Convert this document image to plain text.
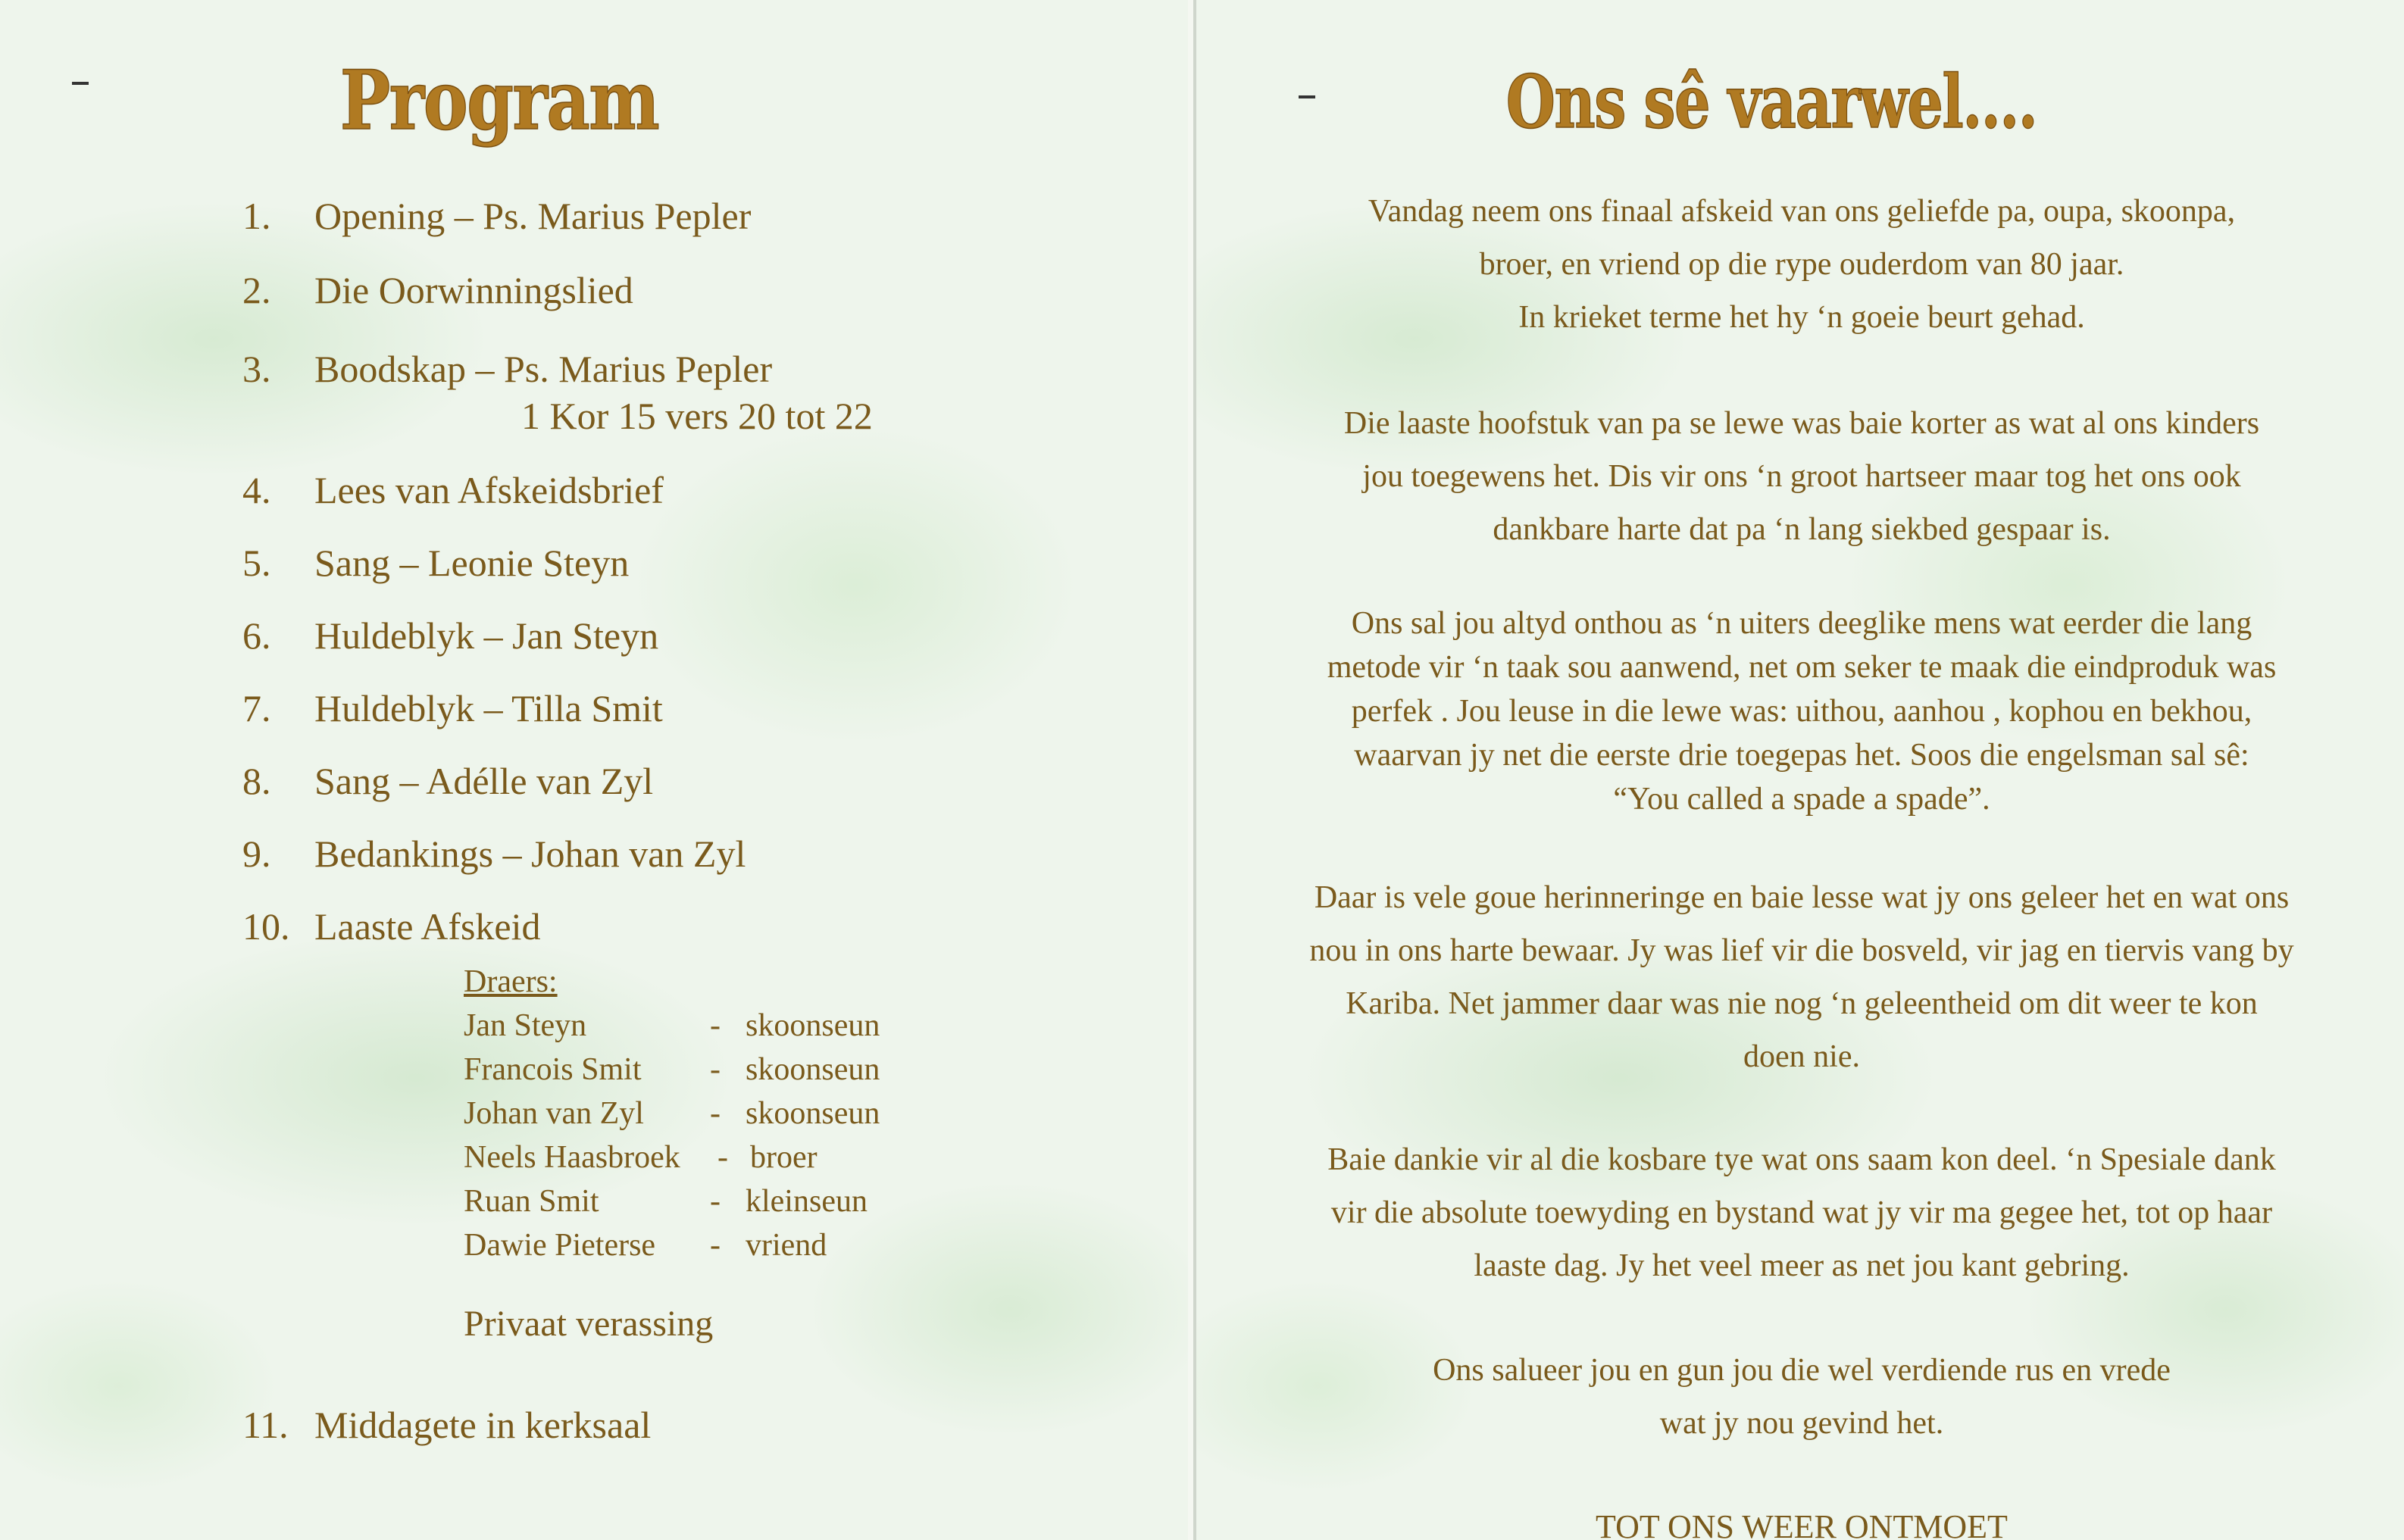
Program
1.	Opening – Ps. Marius Pepler
2.	Die Oorwinningslied
3.	Boodskap – Ps. Marius Pepler
1 Kor 15 vers 20 tot 22
4.	Lees van Afskeidsbrief
5.	Sang – Leonie Steyn
6.	Huldeblyk – Jan Steyn
7.	Huldeblyk – Tilla Smit
8.	Sang – Adélle van Zyl
9.	Bedankings – Johan van Zyl
10. Laaste Afskeid
Draers:
Jan Steyn	- skoonseun
Francois Smit - skoonseun
Johan van Zyl - skoonseun
Neels Haasbroek - broer
Ruan Smit	- kleinseun
Dawie Pieterse - vriend
Privaat verassing
11. Middagete in kerksaal
Ons sê vaarwel....
Vandag neem ons finaal afskeid van ons geliefde pa, oupa, skoonpa,
broer, en vriend op die rype ouderdom van 80 jaar.
In krieket terme het hy ‘n goeie beurt gehad.
Die laaste hoofstuk van pa se lewe was baie korter as wat al ons kinders
jou toegewens het. Dis vir ons ‘n groot hartseer maar tog het ons ook
dankbare harte dat pa ‘n lang siekbed gespaar is.
Ons sal jou altyd onthou as ‘n uiters deeglike mens wat eerder die lang
metode vir ‘n taak sou aanwend, net om seker te maak die eindproduk was
perfek . Jou leuse in die lewe was: uithou, aanhou , kophou en bekhou,
waarvan jy net die eerste drie toegepas het. Soos die engelsman sal sê:
“You called a spade a spade”.
Daar is vele goue herinneringe en baie lesse wat jy ons geleer het en wat ons
nou in ons harte bewaar. Jy was lief vir die bosveld, vir jag en tiervis vang by
Kariba. Net jammer daar was nie nog ‘n geleentheid om dit weer te kon
doen nie.
Baie dankie vir al die kosbare tye wat ons saam kon deel. ‘n Spesiale dank
vir die absolute toewyding en bystand wat jy vir ma gegee het, tot op haar
laaste dag. Jy het veel meer as net jou kant gebring.
Ons salueer jou en gun jou die wel verdiende rus en vrede
wat jy nou gevind het.
TOT ONS WEER ONTMOET
